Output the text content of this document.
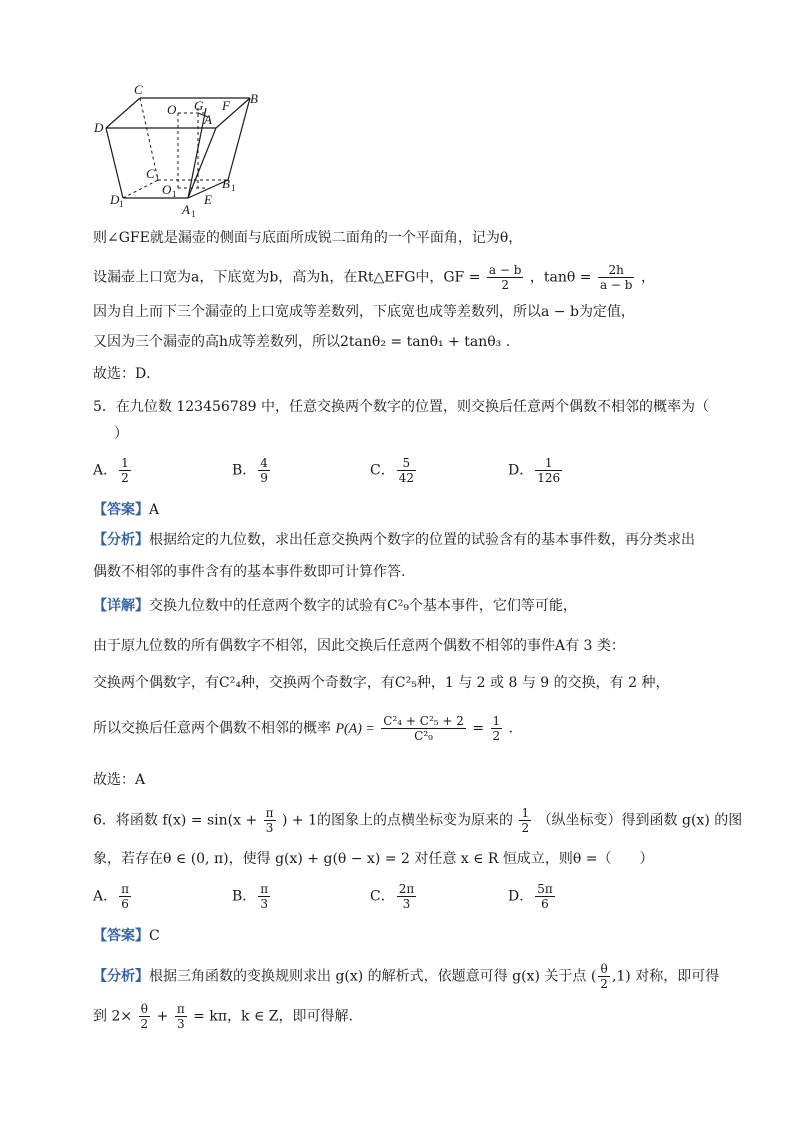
C
O G F B
A
D
C 1
O 1
B 1
D 1	E
A 1
则∠GFE就是漏壶的侧面与底面所成锐二面角的一个平面角，记为θ，
设漏壶上口宽为a，下底宽为b，高为h，在Rt△EFG中，GF = $\frac{a - b}{2}$ ，$\tan\theta = \frac{2h}{a - b}$ ，
因为自上而下三个漏壶的上口宽成等差数列，下底宽也成等差数列，所以a − b为定值，
又因为三个漏壶的高h成等差数列，所以2tanθ₂ = tanθ₁ + tanθ₃ .
故选：D．
5．在九位数 123456789 中，任意交换两个数字的位置，则交换后任意两个偶数不相邻的概率为（
）
A． $\frac{1}{2}$	B． $\frac{4}{9}$	C． $\frac{5}{42}$	D． $\frac{1}{126}$
【答案】A
【分析】根据给定的九位数，求出任意交换两个数字的位置的试验含有的基本事件数，再分类求出
偶数不相邻的事件含有的基本事件数即可计算作答.
【详解】交换九位数中的任意两个数字的试验有C²₉个基本事件，它们等可能，
由于原九位数的所有偶数字不相邻，因此交换后任意两个偶数不相邻的事件A有 3 类：
交换两个偶数字，有C²₄种，交换两个奇数字，有C²₅种，1 与 2 或 8 与 9 的交换，有 2 种，
所以交换后任意两个偶数不相邻的概率 $P(A) = \frac{\text{C²₄ + C²₅ + 2}}{\text{C²₉}} = \frac{1}{2}$ .
故选：A
6．将函数 $f(x) = \sin(x + \frac{\pi}{3}$ ) + 1的图象上的点横坐标变为原来的 $\frac{1}{2}$ （纵坐标变）得到函数 g(x) 的图
象，若存在θ ∈ (0, π)，使得 g(x) + g(θ − x) = 2 对任意 x ∈ R 恒成立，则θ =（　　）
A． $\frac{\pi}{6}$	B． $\frac{\pi}{3}$	C． $\frac{2\pi}{3}$	D． $\frac{5\pi}{6}$
【答案】C
【分析】根据三角函数的变换规则求出 g(x) 的解析式，依题意可得 g(x) 关于点 ( $\frac{\theta}{2} ,1$) 对称，即可得
到 $2\times \frac{\theta}{2} + \frac{\pi}{3} = k\pi$，k ∈ Z，即可得解.
